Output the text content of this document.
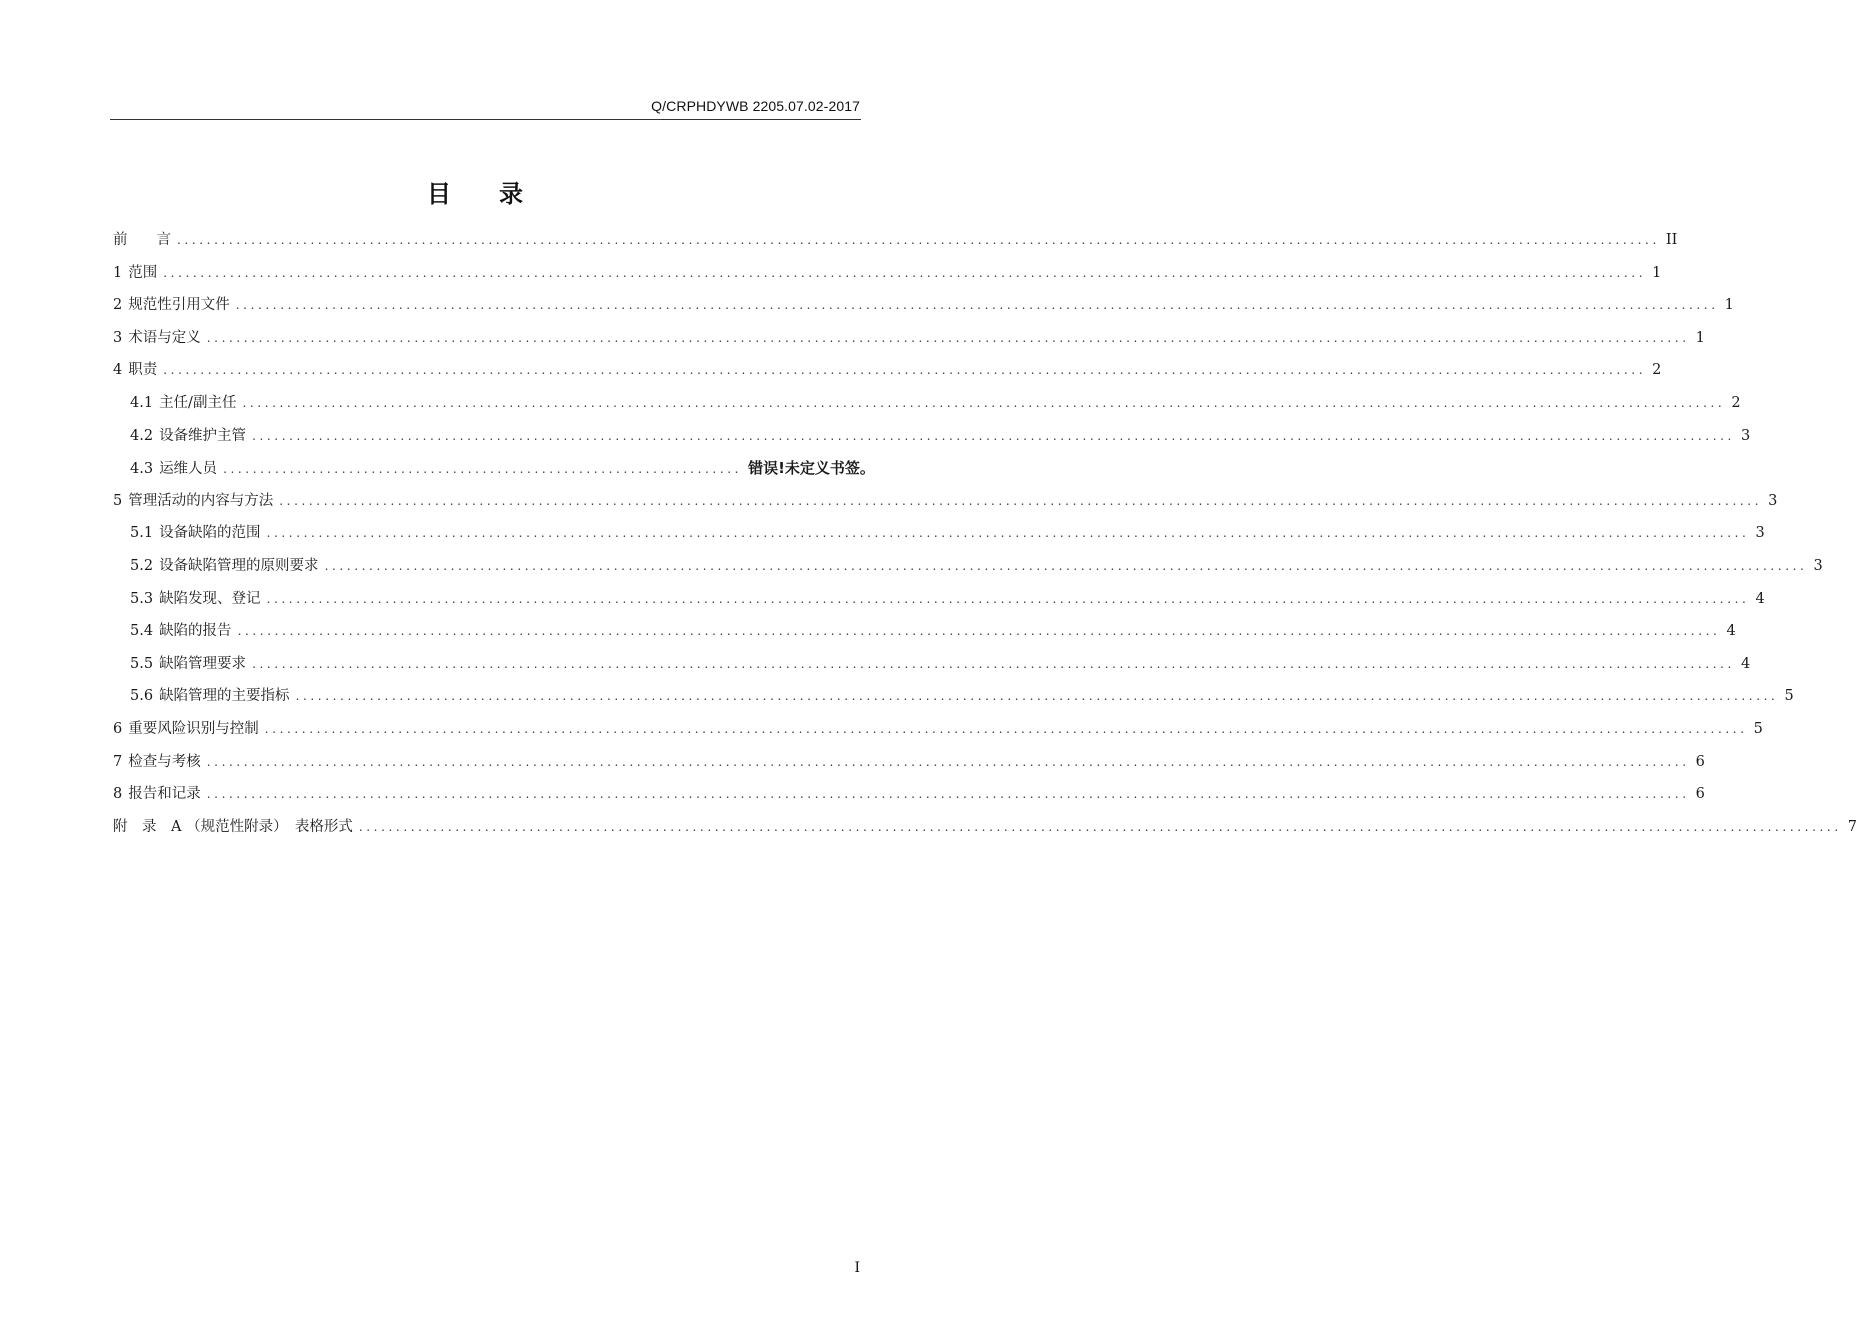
Q/CRPHDYWB 2205.07.02-2017
目　　录
前　　言 ........................................................................................................................................................................................................ II
1 范围 ........................................................................................................................................................................................................ 1
2 规范性引用文件 ........................................................................................................................................................................................................ 1
3 术语与定义 ........................................................................................................................................................................................................ 1
4 职责 ........................................................................................................................................................................................................ 2
4.1 主任/副主任 ........................................................................................................................................................................................................ 2
4.2 设备维护主管 ........................................................................................................................................................................................................ 3
4.3 运维人员 ...................................................................... 错误!未定义书签。
5 管理活动的内容与方法 ........................................................................................................................................................................................................ 3
5.1 设备缺陷的范围 ........................................................................................................................................................................................................ 3
5.2 设备缺陷管理的原则要求 ........................................................................................................................................................................................................ 3
5.3 缺陷发现、登记 ........................................................................................................................................................................................................ 4
5.4 缺陷的报告 ........................................................................................................................................................................................................ 4
5.5 缺陷管理要求 ........................................................................................................................................................................................................ 4
5.6 缺陷管理的主要指标 ........................................................................................................................................................................................................ 5
6 重要风险识别与控制 ........................................................................................................................................................................................................ 5
7 检查与考核 ........................................................................................................................................................................................................ 6
8 报告和记录 ........................................................................................................................................................................................................ 6
附　录　A （规范性附录）　表格形式 ........................................................................................................................................................................................................ 7
I
